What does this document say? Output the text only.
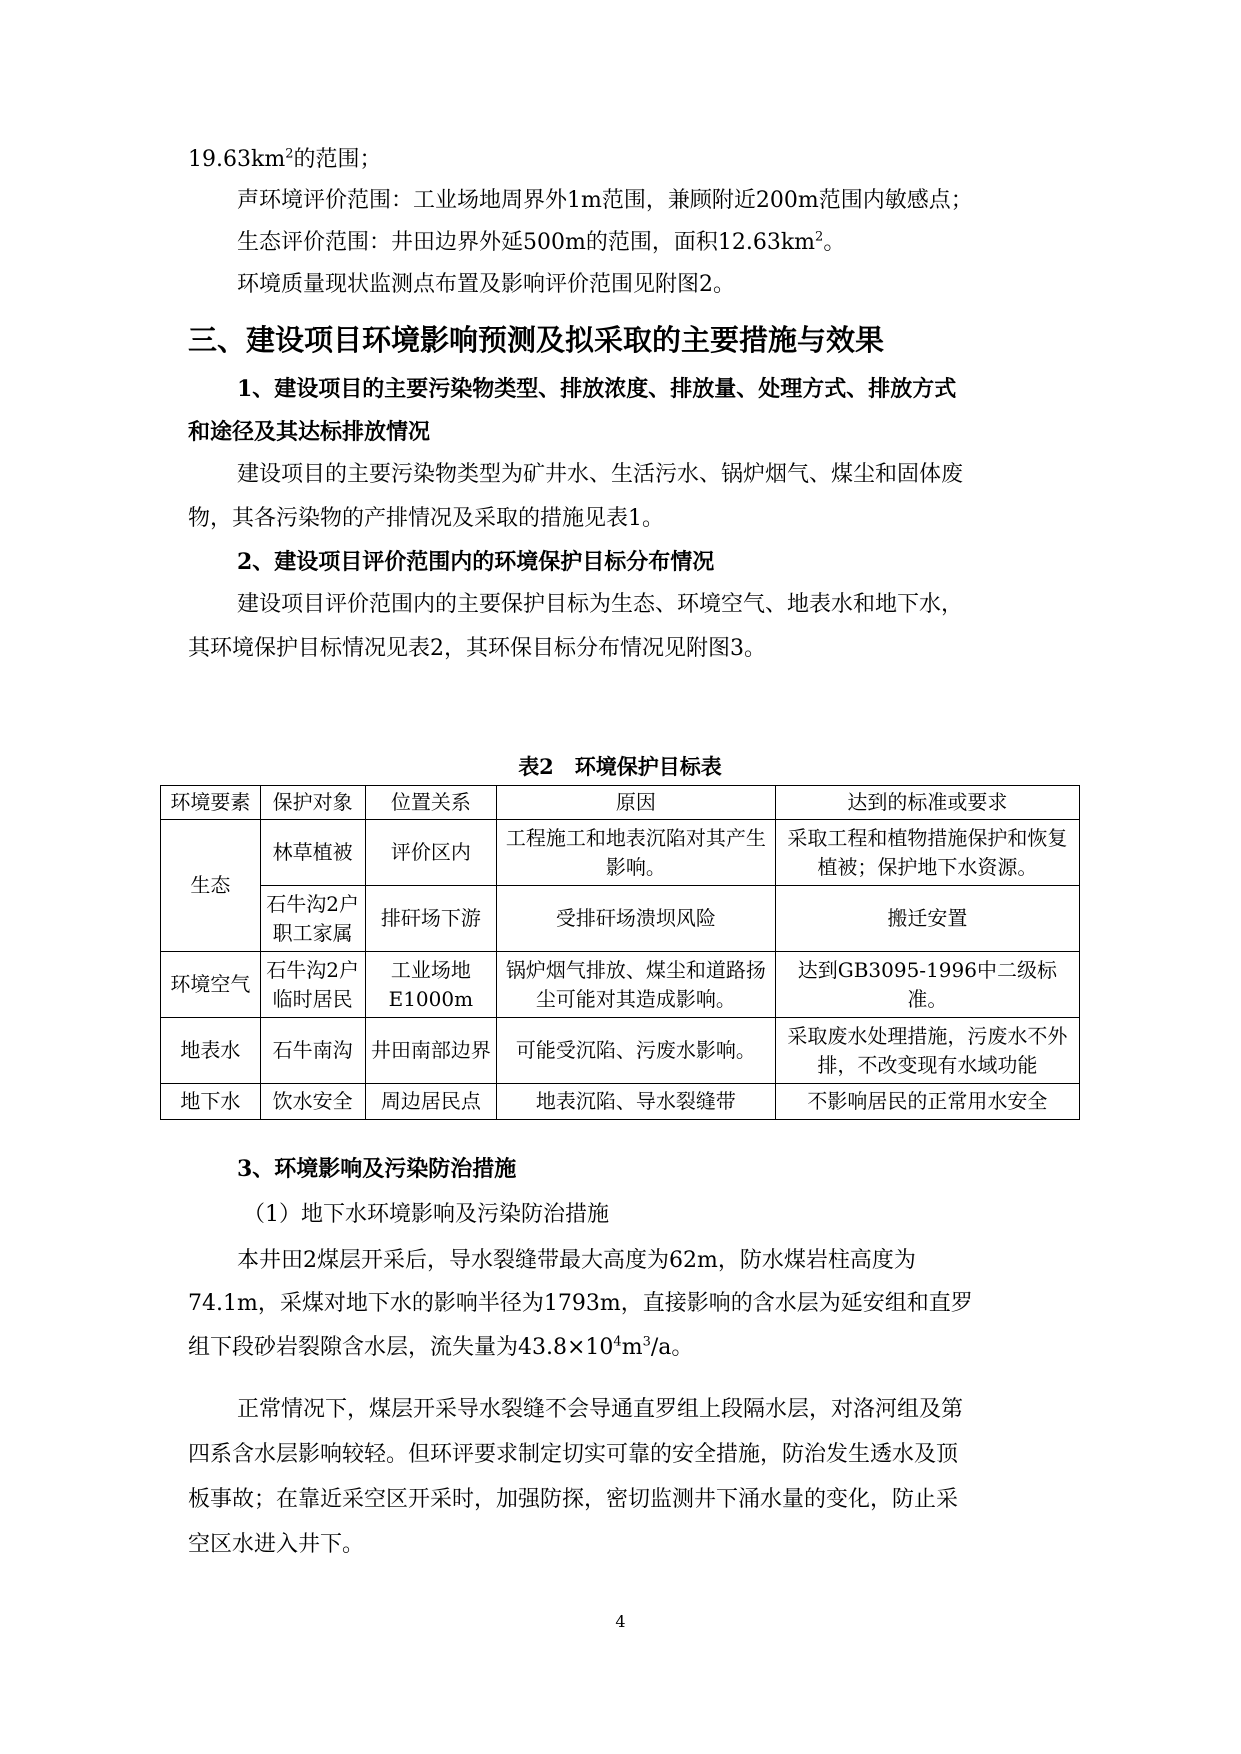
$19.63km^2$的范围；
声环境评价范围：工业场地周界外1m范围，兼顾附近200m范围内敏感点；
生态评价范围：井田边界外延500m的范围，面积$12.63km^2$。
环境质量现状监测点布置及影响评价范围见附图2。
三、建设项目环境影响预测及拟采取的主要措施与效果
1、建设项目的主要污染物类型、排放浓度、排放量、处理方式、排放方式
和途径及其达标排放情况
建设项目的主要污染物类型为矿井水、生活污水、锅炉烟气、煤尘和固体废
物，其各污染物的产排情况及采取的措施见表1。
2、建设项目评价范围内的环境保护目标分布情况
建设项目评价范围内的主要保护目标为生态、环境空气、地表水和地下水，
其环境保护目标情况见表2，其环保目标分布情况见附图3。
表2　环境保护目标表
环境要素	保护对象	位置关系	原因	达到的标准或要求
生态	林草植被	评价区内	工程施工和地表沉陷对其产生影响。	采取工程和植物措施保护和恢复植被；保护地下水资源。
	石牛沟2户职工家属	排矸场下游	受排矸场溃坝风险	搬迁安置
环境空气	石牛沟2户临时居民	工业场地E1000m	锅炉烟气排放、煤尘和道路扬尘可能对其造成影响。	达到GB3095-1996中二级标准。
地表水	石牛南沟	井田南部边界	可能受沉陷、污废水影响。	采取废水处理措施，污废水不外排，不改变现有水域功能
地下水	饮水安全	周边居民点	地表沉陷、导水裂缝带	不影响居民的正常用水安全
3、环境影响及污染防治措施
（1）地下水环境影响及污染防治措施
本井田2煤层开采后，导水裂缝带最大高度为62m，防水煤岩柱高度为
74.1m，采煤对地下水的影响半径为1793m，直接影响的含水层为延安组和直罗
组下段砂岩裂隙含水层，流失量为$43.8\times 10^4m^3/a$。
正常情况下，煤层开采导水裂缝不会导通直罗组上段隔水层，对洛河组及第
四系含水层影响较轻。但环评要求制定切实可靠的安全措施，防治发生透水及顶
板事故；在靠近采空区开采时，加强防探，密切监测井下涌水量的变化，防止采
空区水进入井下。
4
